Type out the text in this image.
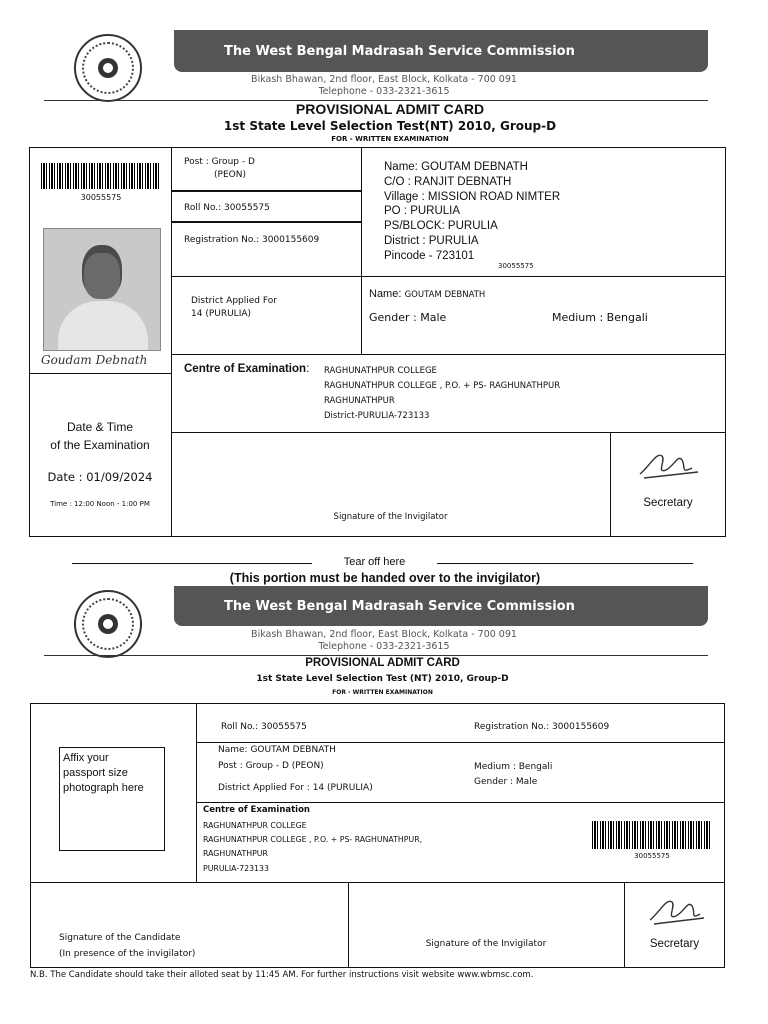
The West Bengal Madrasah Service Commission
Bikash Bhawan, 2nd floor, East Block, Kolkata - 700 091
Telephone - 033-2321-3615
PROVISIONAL ADMIT CARD
1st State Level Selection Test(NT) 2010, Group-D
FOR - WRITTEN EXAMINATION
30055575
Goudam Debnath
Date & Time
of the Examination
Date : 01/09/2024
Time : 12:00 Noon - 1:00 PM
Post : Group - D
(PEON)
Roll No.: 30055575
Registration No.: 3000155609
District Applied For
14 (PURULIA)
Name: GOUTAM DEBNATH
C/O : RANJIT DEBNATH
Village : MISSION ROAD NIMTER
PO : PURULIA
PS/BLOCK: PURULIA
District : PURULIA
Pincode - 723101
30055575
Name: GOUTAM DEBNATH
Gender : Male	Medium : Bengali
Centre of Examination: RAGHUNATHPUR COLLEGE
RAGHUNATHPUR COLLEGE , P.O. + PS- RAGHUNATHPUR
RAGHUNATHPUR
District-PURULIA-723133
Signature of the Invigilator
Secretary
Tear off here
(This portion must be handed over to the invigilator)
The West Bengal Madrasah Service Commission
Bikash Bhawan, 2nd floor, East Block, Kolkata - 700 091
Telephone - 033-2321-3615
PROVISIONAL ADMIT CARD
1st State Level Selection Test (NT) 2010, Group-D
FOR - WRITTEN EXAMINATION
Affix your
passport size
photograph here
Roll No.: 30055575	Registration No.: 3000155609
Name: GOUTAM DEBNATH
Post : Group - D (PEON)
District Applied For : 14 (PURULIA)
Medium : Bengali
Gender : Male
Centre of Examination
RAGHUNATHPUR COLLEGE
RAGHUNATHPUR COLLEGE , P.O. + PS- RAGHUNATHPUR,
RAGHUNATHPUR
PURULIA-723133
30055575
Signature of the Candidate
(In presence of the invigilator)
Signature of the Invigilator	Secretary
N.B. The Candidate should take their alloted seat by 11:45 AM. For further instructions visit website www.wbmsc.com.
